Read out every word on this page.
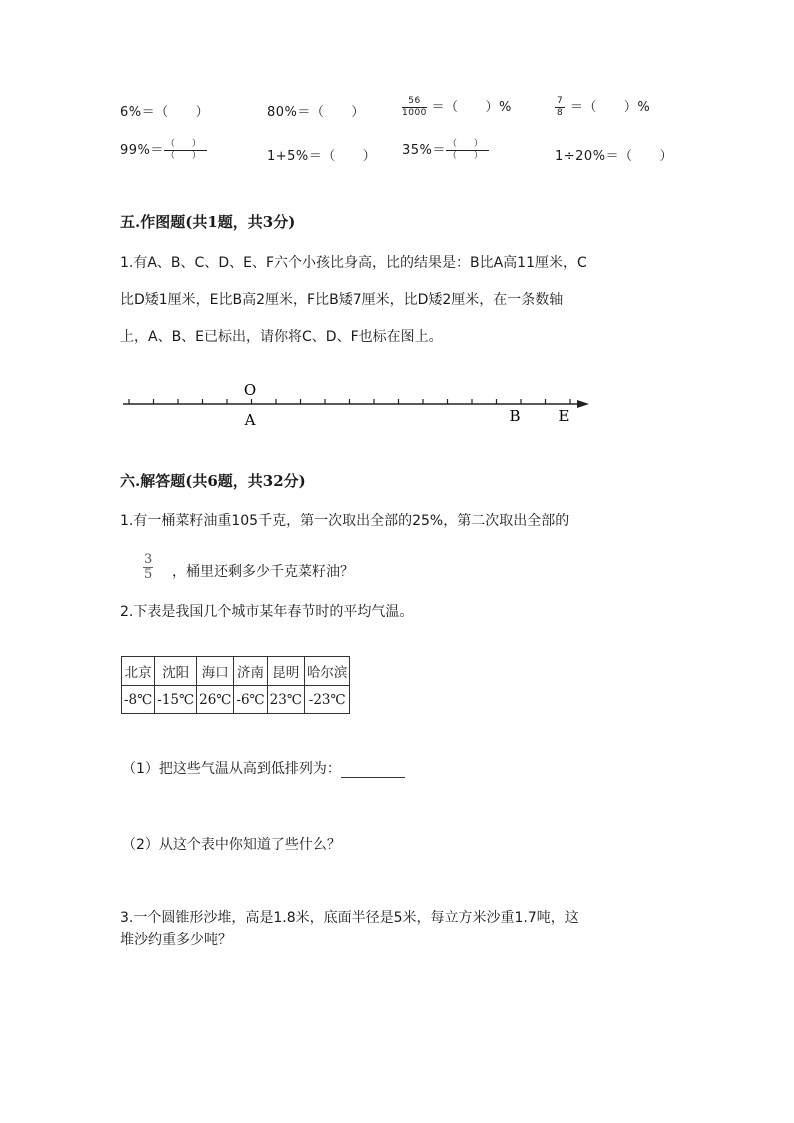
6%＝（　　）	80%＝（　　）	$\frac{56}{1000}$ ＝（　　）%	$\frac{7}{8}$ ＝（　　）%
$99\%= \frac{( )}{( )}$	1+5%＝（　　） $35\%= \frac{( )}{( )}$	1÷20%＝（　　）
五.作图题(共1题，共3分)
1.有A、B、C、D、E、F六个小孩比身高，比的结果是：B比A高11厘米，C
比D矮1厘米，E比B高2厘米，F比B矮7厘米，比D矮2厘米，在一条数轴
上，A、B、E已标出，请你将C、D、F也标在图上。
O
A	B	E
六.解答题(共6题，共32分)
1.有一桶菜籽油重105千克，第一次取出全部的25%，第二次取出全部的
$\frac{3}{5}$ ，桶里还剩多少千克菜籽油？
2.下表是我国几个城市某年春节时的平均气温。
北京	沈阳	海口	济南	昆明	哈尔滨
-8℃	-15℃	26℃	-6℃	23℃	-23℃
（1）把这些气温从高到低排列为：
（2）从这个表中你知道了些什么？
3.一个圆锥形沙堆，高是1.8米，底面半径是5米，每立方米沙重1.7吨，这
堆沙约重多少吨？
